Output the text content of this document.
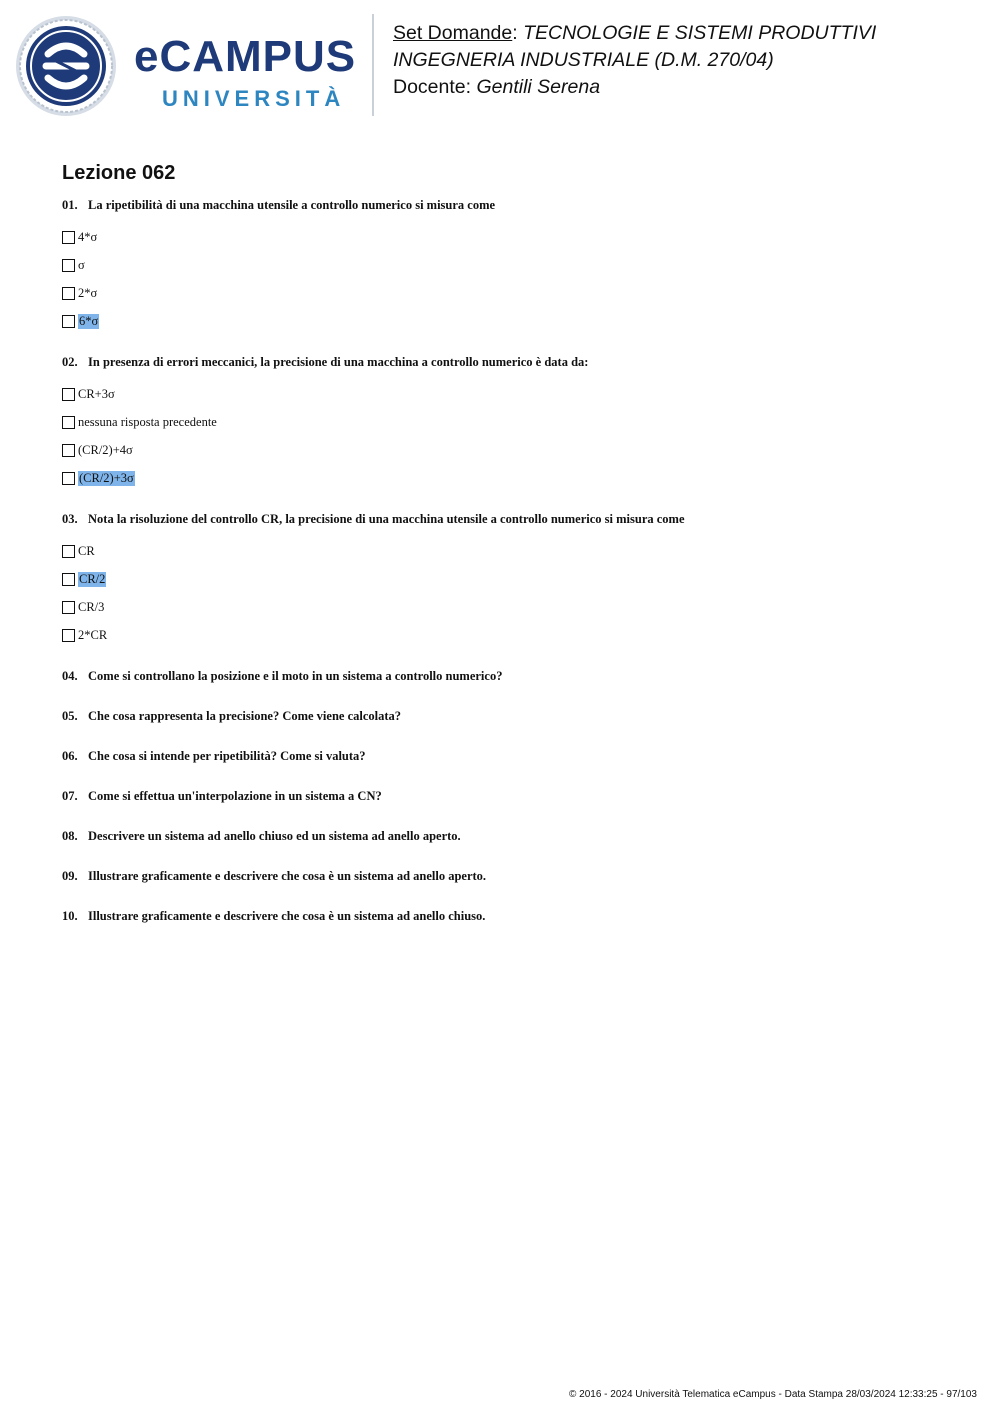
eCAMPUS
UNIVERSITÀ
Set Domande: TECNOLOGIE E SISTEMI PRODUTTIVI
INGEGNERIA INDUSTRIALE (D.M. 270/04)
Docente: Gentili Serena
Lezione 062
01. La ripetibilità di una macchina utensile a controllo numerico si misura come
4*σ
σ
2*σ
6*σ
02. In presenza di errori meccanici, la precisione di una macchina a controllo numerico è data da:
CR+3σ
nessuna risposta precedente
(CR/2)+4σ
(CR/2)+3σ
03. Nota la risoluzione del controllo CR, la precisione di una macchina utensile a controllo numerico si misura come
CR
CR/2
CR/3
2*CR
04. Come si controllano la posizione e il moto in un sistema a controllo numerico?
05. Che cosa rappresenta la precisione? Come viene calcolata?
06. Che cosa si intende per ripetibilità? Come si valuta?
07. Come si effettua un'interpolazione in un sistema a CN?
08. Descrivere un sistema ad anello chiuso ed un sistema ad anello aperto.
09. Illustrare graficamente e descrivere che cosa è un sistema ad anello aperto.
10. Illustrare graficamente e descrivere che cosa è un sistema ad anello chiuso.
© 2016 - 2024 Università Telematica eCampus - Data Stampa 28/03/2024 12:33:25 - 97/103
